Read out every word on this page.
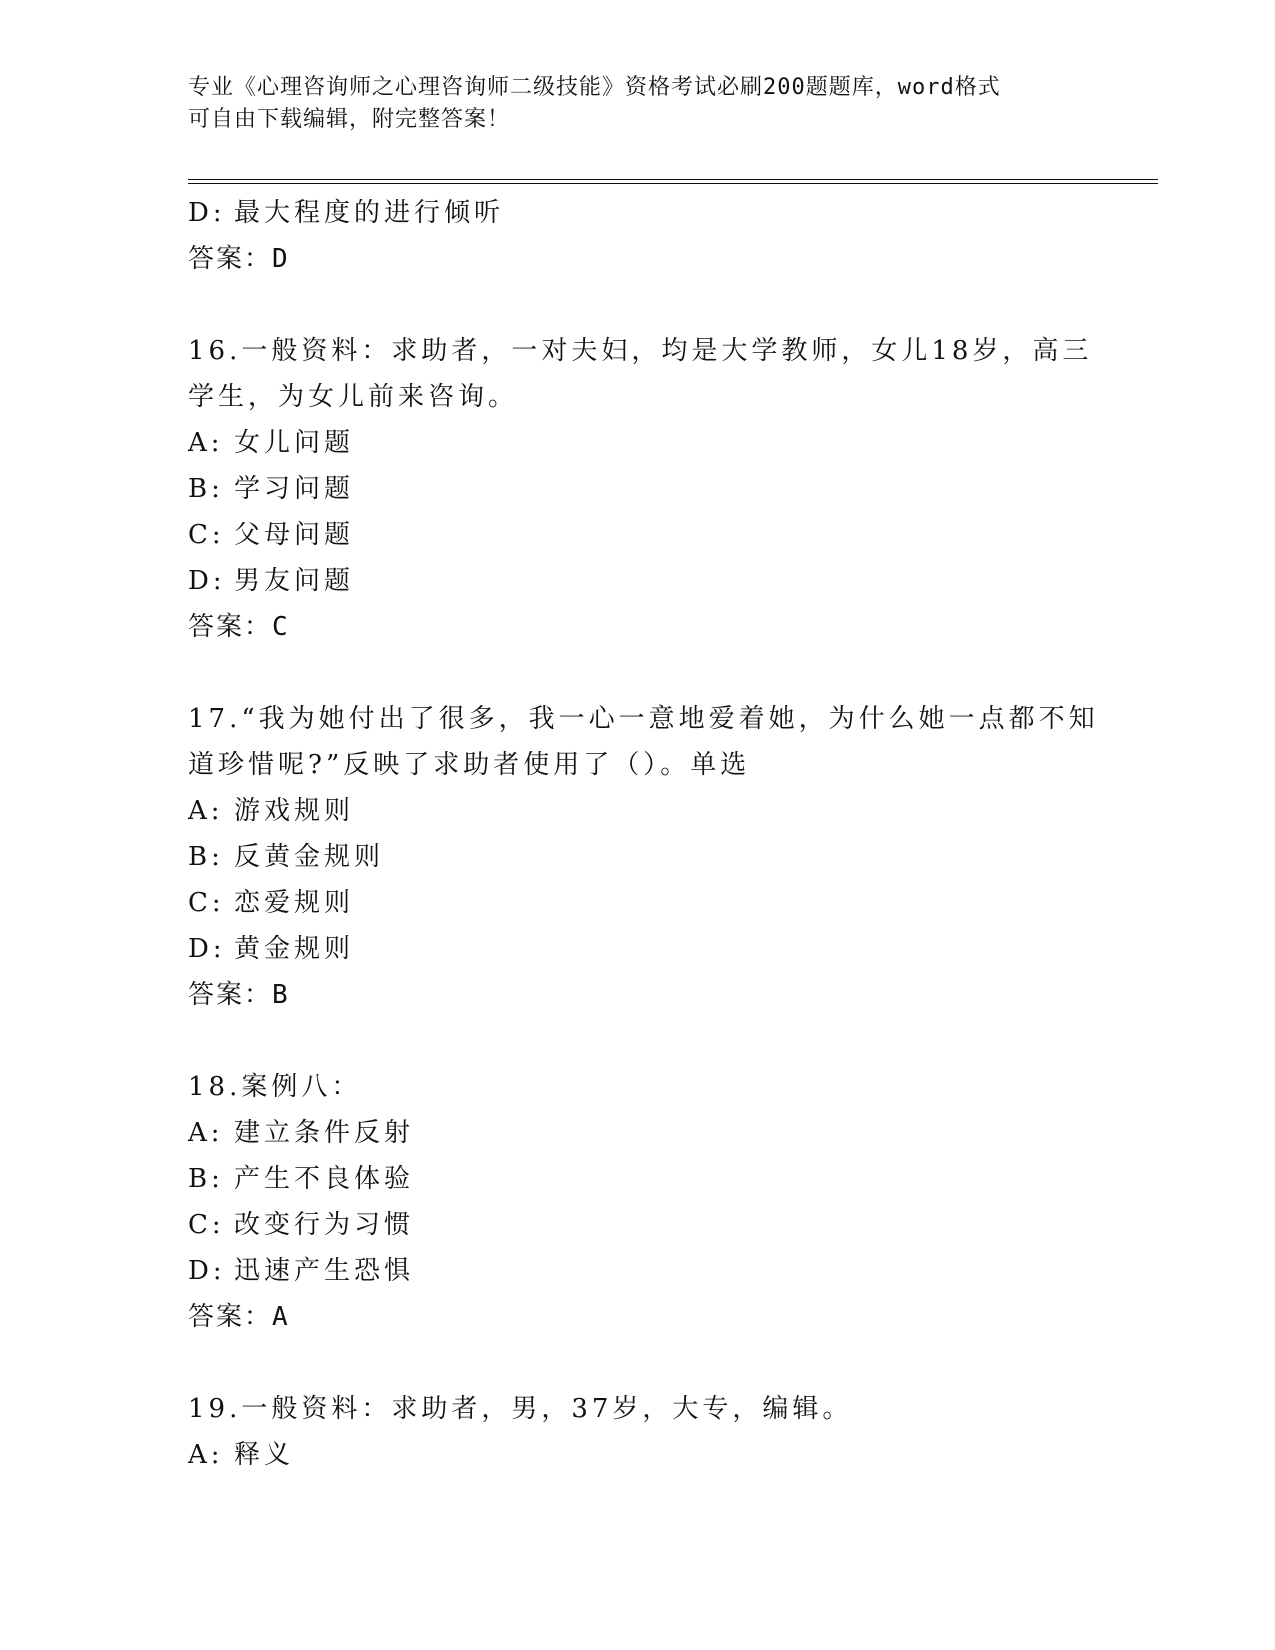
专业《心理咨询师之心理咨询师二级技能》资格考试必刷200题题库，word格式
可自由下载编辑，附完整答案！
D: 最大程度的进行倾听
答案：D
16.一般资料：求助者，一对夫妇，均是大学教师，女儿18岁，高三
学生，为女儿前来咨询。
A: 女儿问题
B: 学习问题
C: 父母问题
D: 男友问题
答案：C
17.“我为她付出了很多，我一心一意地爱着她，为什么她一点都不知
道珍惜呢?”反映了求助者使用了（）。单选
A: 游戏规则
B: 反黄金规则
C: 恋爱规则
D: 黄金规则
答案：B
18.案例八：
A: 建立条件反射
B: 产生不良体验
C: 改变行为习惯
D: 迅速产生恐惧
答案：A
19.一般资料：求助者，男，37岁，大专，编辑。
A: 释义
